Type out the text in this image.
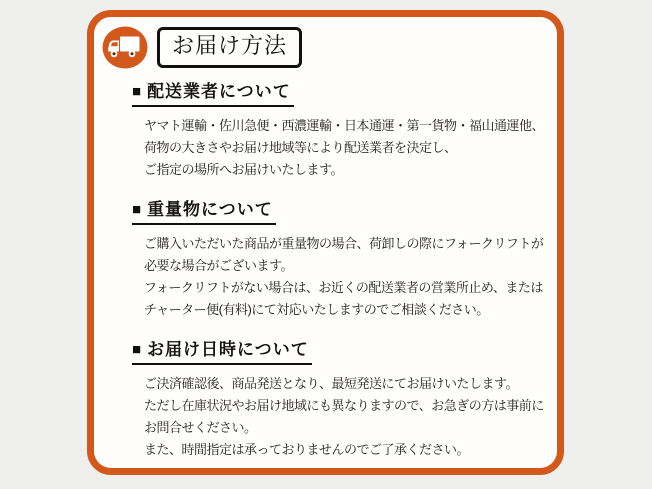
お届け方法
■ 配送業者について

ヤマト運輸・佐川急便・西濃運輸・日本通運・第一貨物・福山通運他、
荷物の大きさやお届け地域等により配送業者を決定し、
ご指定の場所へお届けいたします。

■ 重量物について

ご購入いただいた商品が重量物の場合、荷卸しの際にフォークリフトが
必要な場合がございます。
フォークリフトがない場合は、お近くの配送業者の営業所止め、または
チャーター便(有料)にて対応いたしますのでご相談ください。

■ お届け日時について

ご決済確認後、商品発送となり、最短発送にてお届けいたします。
ただし在庫状況やお届け地域にも異なりますので、お急ぎの方は事前に
お問合せください。
また、時間指定は承っておりませんのでご了承ください。
